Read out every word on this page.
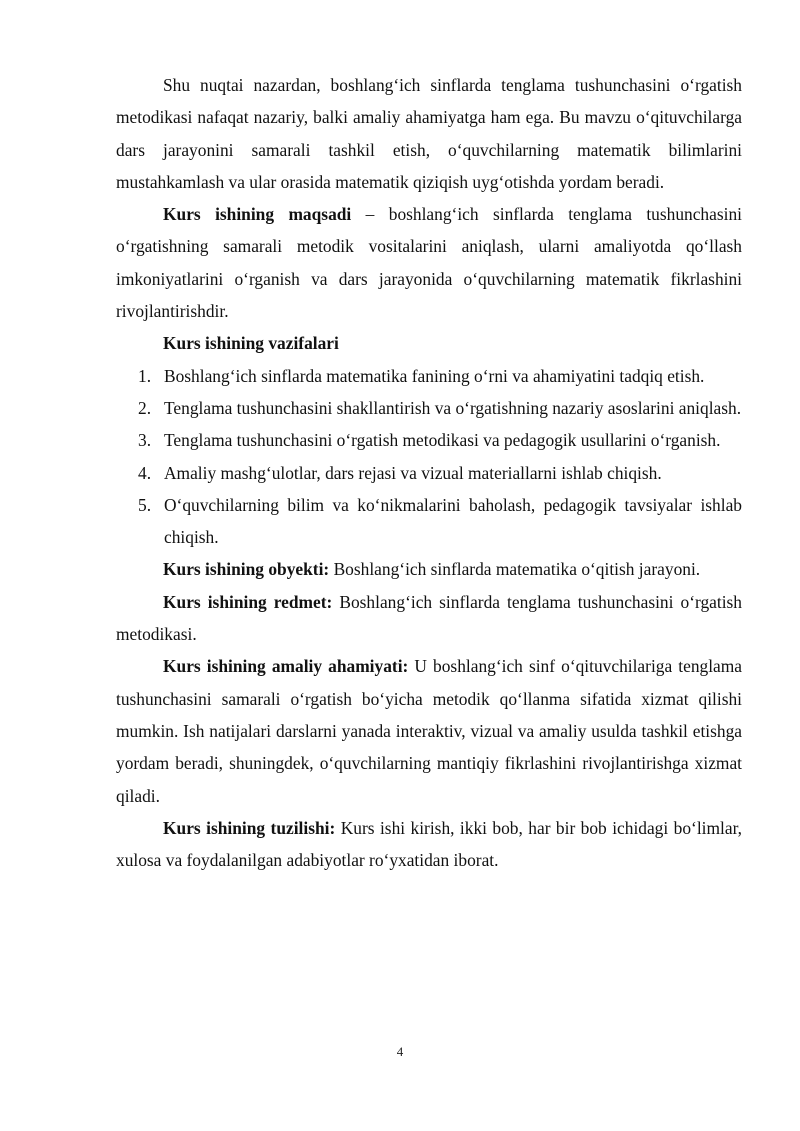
Shu nuqtai nazardan, boshlang‘ich sinflarda tenglama tushunchasini o‘rgatish metodikasi nafaqat nazariy, balki amaliy ahamiyatga ham ega. Bu mavzu o‘qituvchilarga dars jarayonini samarali tashkil etish, o‘quvchilarning matematik bilimlarini mustahkamlash va ular orasida matematik qiziqish uyg‘otishda yordam beradi.

Kurs ishining maqsadi – boshlang‘ich sinflarda tenglama tushunchasini o‘rgatishning samarali metodik vositalarini aniqlash, ularni amaliyotda qo‘llash imkoniyatlarini o‘rganish va dars jarayonida o‘quvchilarning matematik fikrlashini rivojlantirishdir.

Kurs ishining vazifalari

1. Boshlang‘ich sinflarda matematika fanining o‘rni va ahamiyatini tadqiq etish.
2. Tenglama tushunchasini shakllantirish va o‘rgatishning nazariy asoslarini aniqlash.
3. Tenglama tushunchasini o‘rgatish metodikasi va pedagogik usullarini o‘rganish.
4. Amaliy mashg‘ulotlar, dars rejasi va vizual materiallarni ishlab chiqish.
5. O‘quvchilarning bilim va ko‘nikmalarini baholash, pedagogik tavsiyalar ishlab chiqish.

Kurs ishining obyekti: Boshlang‘ich sinflarda matematika o‘qitish jarayoni.

Kurs ishining redmet: Boshlang‘ich sinflarda tenglama tushunchasini o‘rgatish metodikasi.

Kurs ishining amaliy ahamiyati: U boshlang‘ich sinf o‘qituvchilariga tenglama tushunchasini samarali o‘rgatish bo‘yicha metodik qo‘llanma sifatida xizmat qilishi mumkin. Ish natijalari darslarni yanada interaktiv, vizual va amaliy usulda tashkil etishga yordam beradi, shuningdek, o‘quvchilarning mantiqiy fikrlashini rivojlantirishga xizmat qiladi.

Kurs ishining tuzilishi: Kurs ishi kirish, ikki bob, har bir bob ichidagi bo‘limlar, xulosa va foydalanilgan adabiyotlar ro‘yxatidan iborat.

4
